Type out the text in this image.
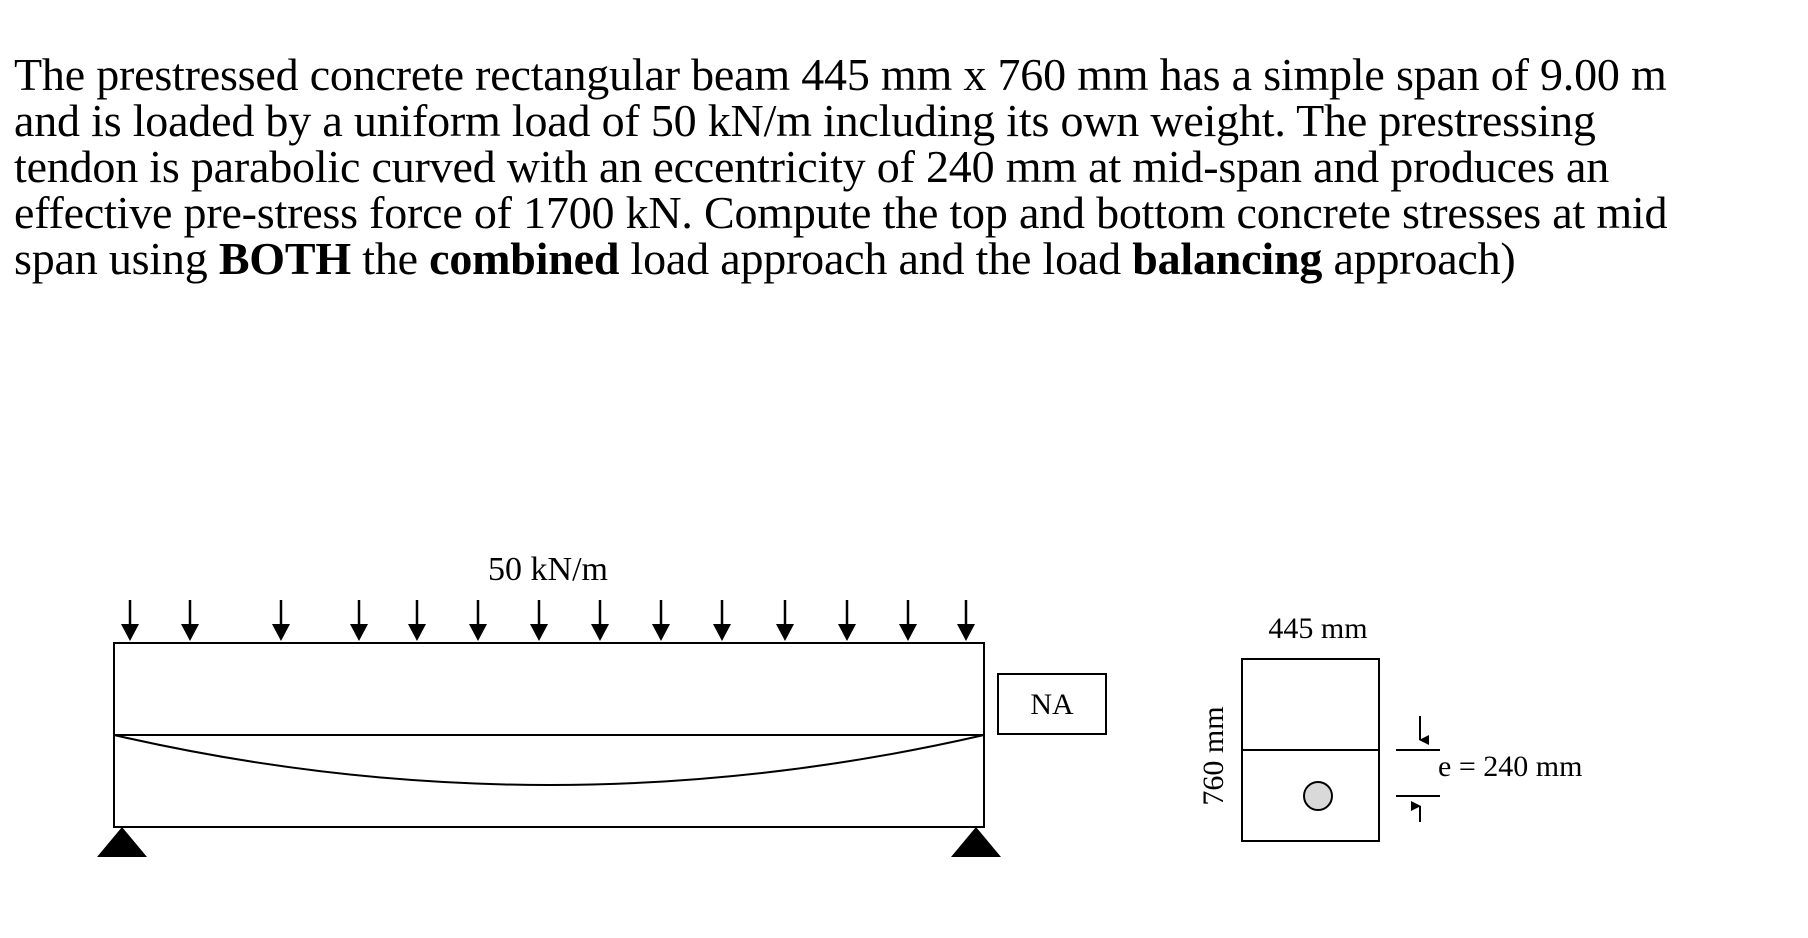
The prestressed concrete rectangular beam 445 mm x 760 mm has a simple span of 9.00 m
and is loaded by a uniform load of 50 kN/m including its own weight. The prestressing
tendon is parabolic curved with an eccentricity of 240 mm at mid-span and produces an
effective pre-stress force of 1700 kN. Compute the top and bottom concrete stresses at mid
span using BOTH the combined load approach and the load balancing approach)
50 kN/m
NA
445 mm
760 mm	e = 240 mm
